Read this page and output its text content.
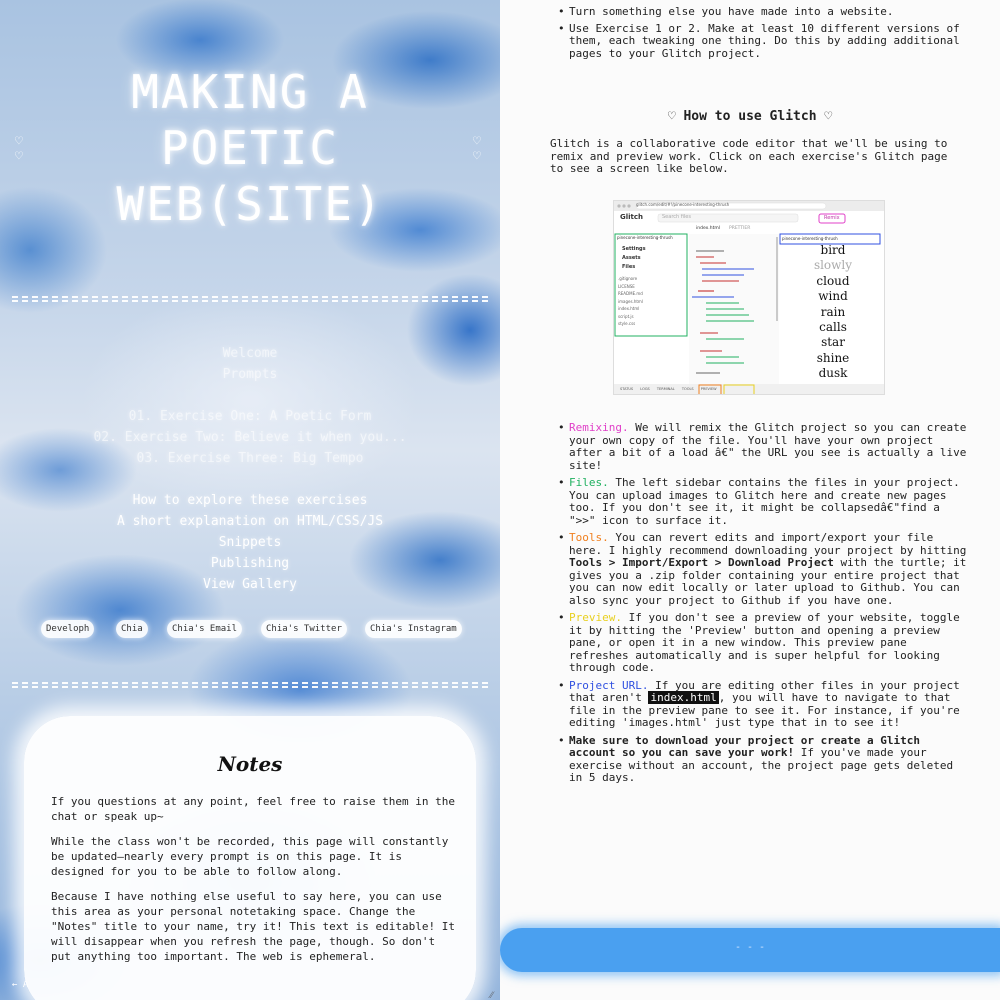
♡
♡
♡
♡
MAKING A
POETIC
WEB(SITE)
Welcome
Prompts
01. Exercise One: A Poetic Form
02. Exercise Two: Believe it when you...
03. Exercise Three: Big Tempo
How to explore these exercises
A short explanation on HTML/CSS/JS
Snippets
Publishing
View Gallery
Developh	Chia	Chia's Email	Chia's Twitter	Chia's Instagram
Notes

If you questions at any point, feel free to raise them in the chat or speak up~

While the class won't be recorded, this page will constantly be updated—nearly every prompt is on this page. It is designed for you to be able to follow along.

Because I have nothing else useful to say here, you can use this area as your personal notetaking space. Change the "Notes" title to your name, try it! This text is editable! It will disappear when you refresh the page, though. So don't put anything too important. The web is ephemeral.

← A
⁄⁄
• Turn something else you have made into a website.
• Use Exercise 1 or 2. Make at least 10 different versions of them, each tweaking one thing. Do this by adding additional pages to your Glitch project.
♡ How to use Glitch ♡

Glitch is a collaborative code editor that we'll be using to remix and preview work. Click on each exercise's Glitch page to see a screen like below.

glitch.com/edit/#!/pinecone-interesting-thrush
Glitch	Search files	Remix
index.html PRETTIER
pinecone-interesting-thrush	pinecone-interesting-thrush
Settings
Assets
Files
.gitignore
LICENSE
README.md
images.html
index.html
script.js
style.css
bird
slowly
cloud
wind
rain
calls
star
shine
dusk
STATUS LOGS TERMINAL TOOLS PREVIEW
• Remixing. We will remix the Glitch project so you can create your own copy of the file. You'll have your own project after a bit of a load â€" the URL you see is actually a live site!
• Files. The left sidebar contains the files in your project. You can upload images to Glitch here and create new pages too. If you don't see it, it might be collapsedâ€"find a ">>" icon to surface it.
• Tools. You can revert edits and import/export your file here. I highly recommend downloading your project by hitting Tools > Import/Export > Download Project with the turtle; it gives you a .zip folder containing your entire project that you can now edit locally or later upload to Github. You can also sync your project to Github if you have one.
• Preview. If you don't see a preview of your website, toggle it by hitting the 'Preview' button and opening a preview pane, or open it in a new window. This preview pane refreshes automatically and is super helpful for looking through code.
• Project URL. If you are editing other files in your project that aren't index.html , you will have to navigate to that file in the preview pane to see it. For instance, if you're editing 'images.html' just type that in to see it!
• Make sure to download your project or create a Glitch account so you can save your work! If you've made your exercise without an account, the project page gets deleted in 5 days.
- - -
